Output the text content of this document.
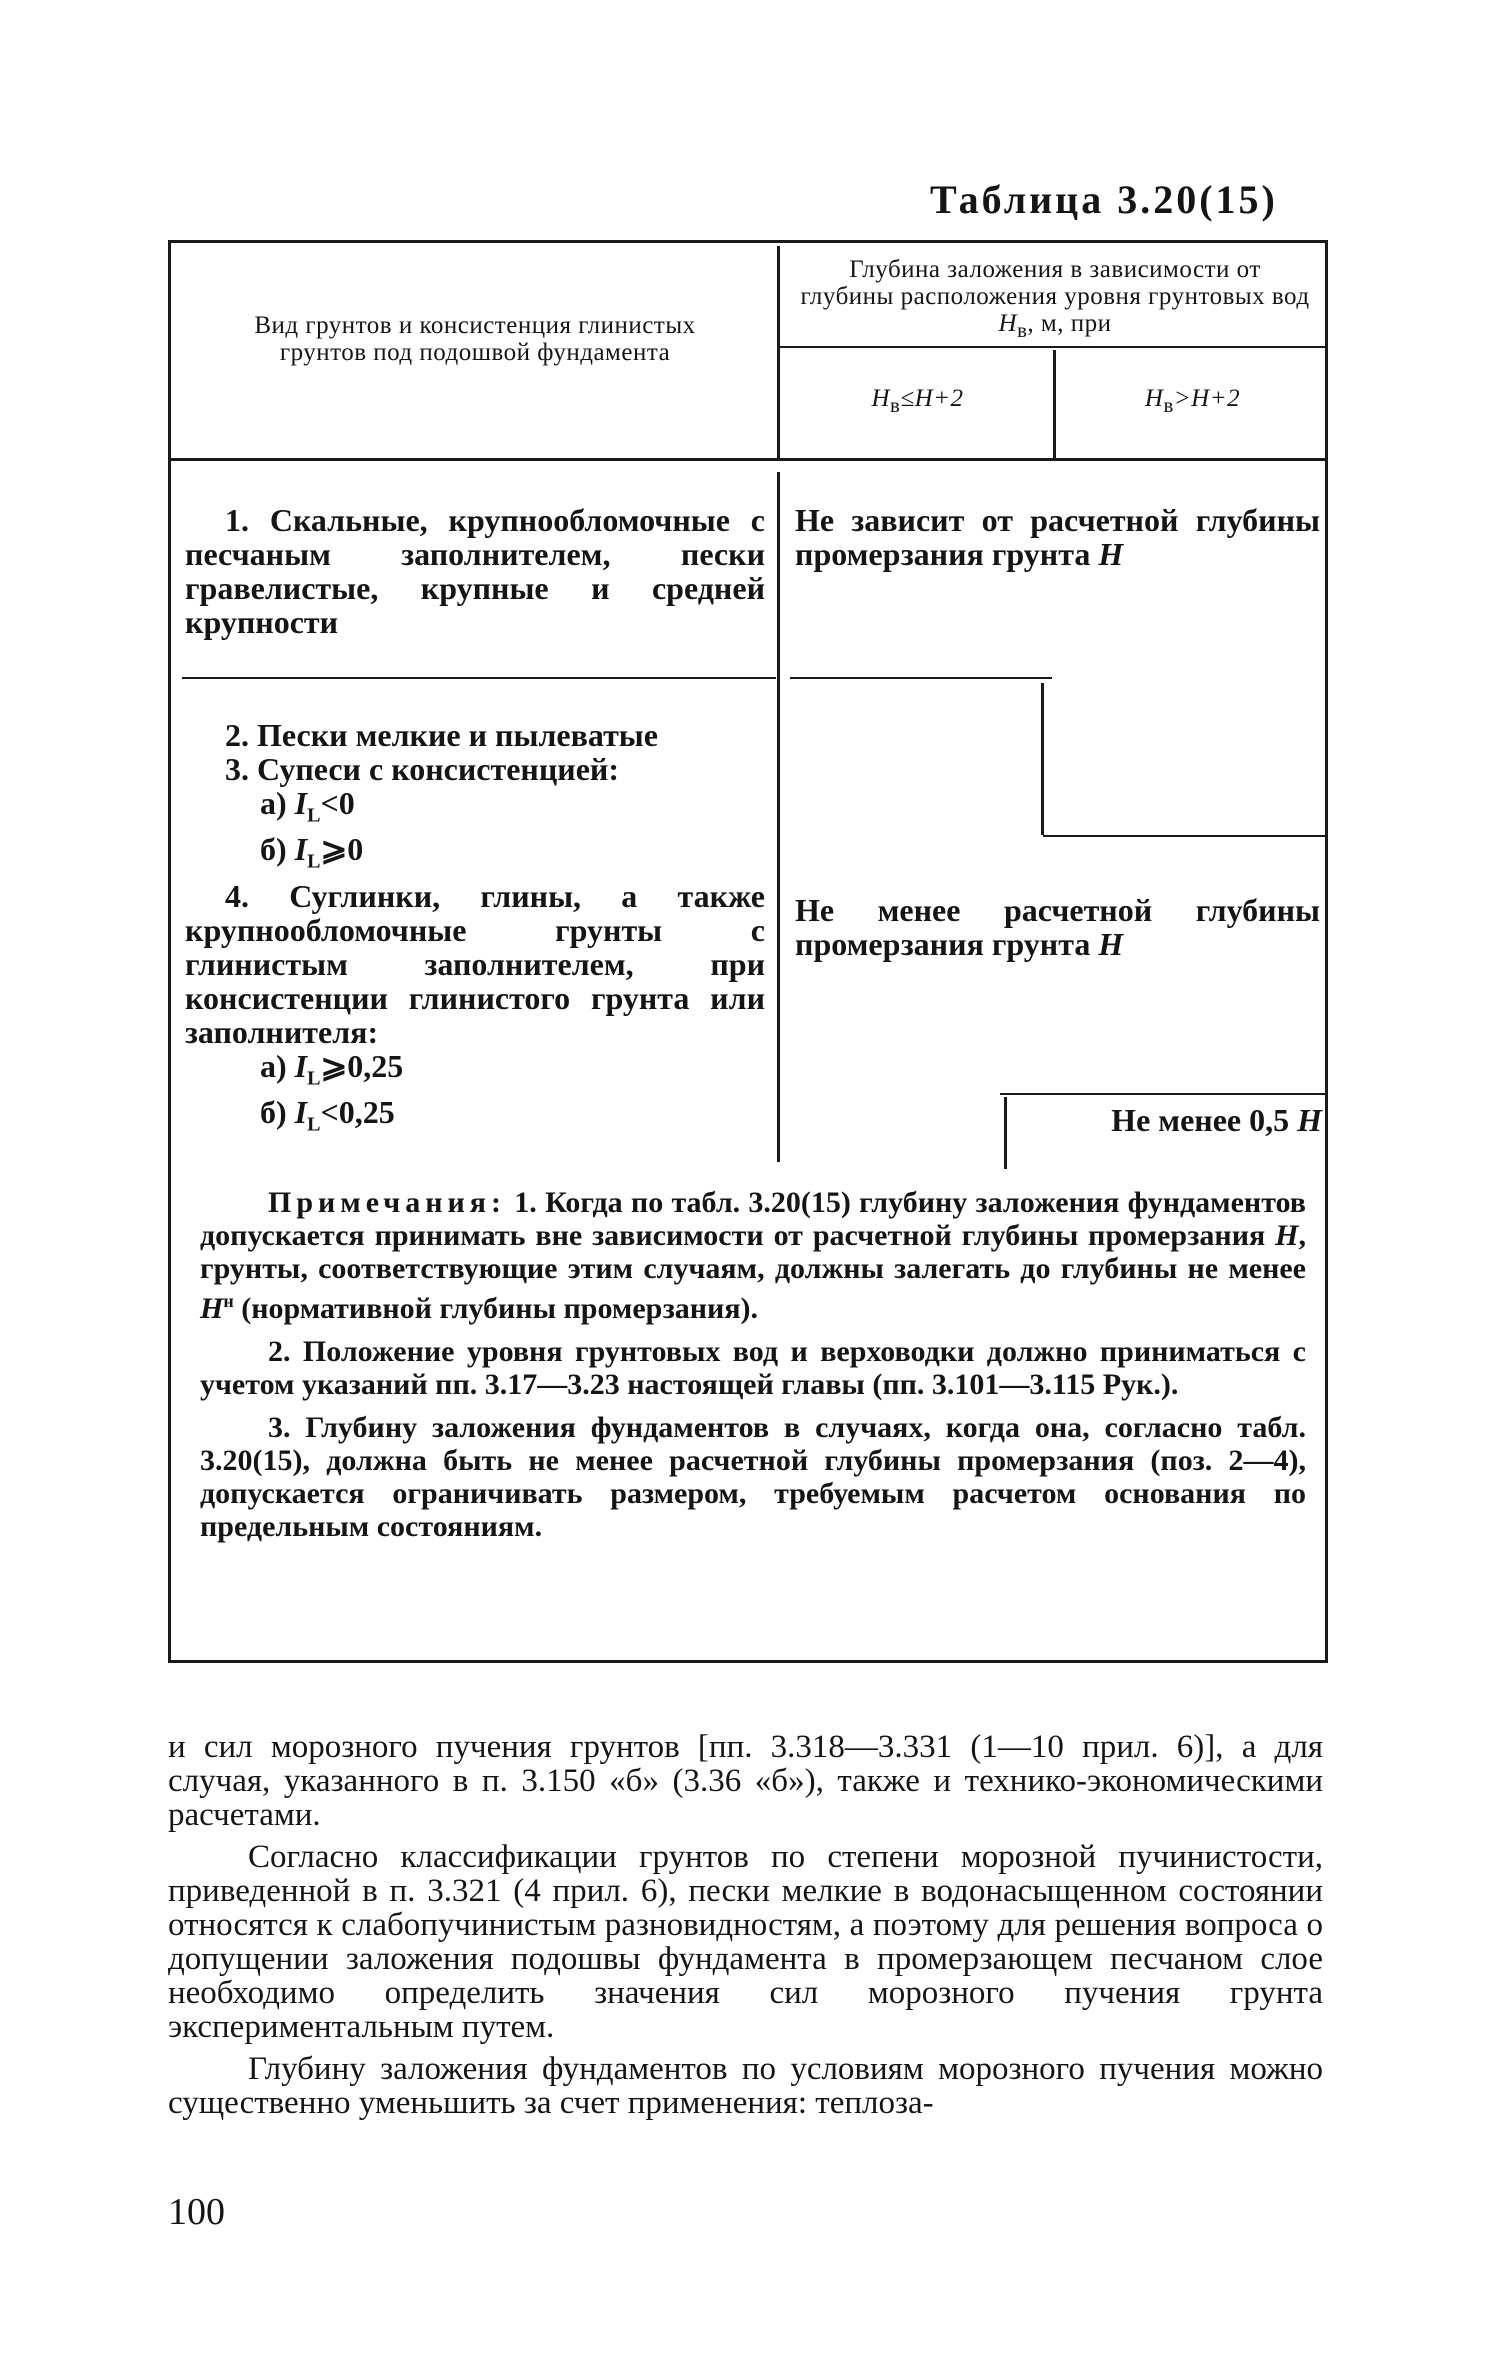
Таблица 3.20(15)
Вид грунтов и консистенция глинистых грунтов под подошвой фундамента
Глубина заложения в зависимости от глубины расположения уровня грунтовых вод $H_в$, м, при
$H_в\le H+2$	$H_в>H+2$
1. Скальные, крупнообломочные с песчаным заполнителем, пески гравелистые, крупные и средней крупности
Не зависит от расчетной глубины промерзания грунта H
2. Пески мелкие и пылеватые
3. Супеси с консистенцией:
а) $I_L<0$
б) $I_L⩾0$
4. Суглинки, глины, а также крупнообломочные грунты с глинистым заполнителем, при консистенции глинистого грунта или заполнителя:
а) $I_L⩾0,25$
б) $I_L<0,25$
Не менее расчетной глубины промерзания грунта H
Не менее 0,5 H

Примечания: 1. Когда по табл. 3.20(15) глубину заложения фундаментов допускается принимать вне зависимости от расчетной глубины промерзания H, грунты, соответствующие этим случаям, должны залегать до глубины не менее $H^н$ (нормативной глубины промерзания).

2. Положение уровня грунтовых вод и верховодки должно приниматься с учетом указаний пп. 3.17—3.23 настоящей главы (пп. 3.101—3.115 Рук.).

3. Глубину заложения фундаментов в случаях, когда она, согласно табл. 3.20(15), должна быть не менее расчетной глубины промерзания (поз. 2—4), допускается ограничивать размером, требуемым расчетом основания по предельным состояниям.

и сил морозного пучения грунтов [пп. 3.318—3.331 (1—10 прил. 6)], а для случая, указанного в п. 3.150 «б» (3.36 «б»), также и технико-экономическими расчетами.

Согласно классификации грунтов по степени морозной пучинистости, приведенной в п. 3.321 (4 прил. 6), пески мелкие в водонасыщенном состоянии относятся к слабопучинистым разновидностям, а поэтому для решения вопроса о допущении заложения подошвы фундамента в промерзающем песчаном слое необходимо определить значения сил морозного пучения грунта экспериментальным путем.

Глубину заложения фундаментов по условиям морозного пучения можно существенно уменьшить за счет применения: теплоза-

100
